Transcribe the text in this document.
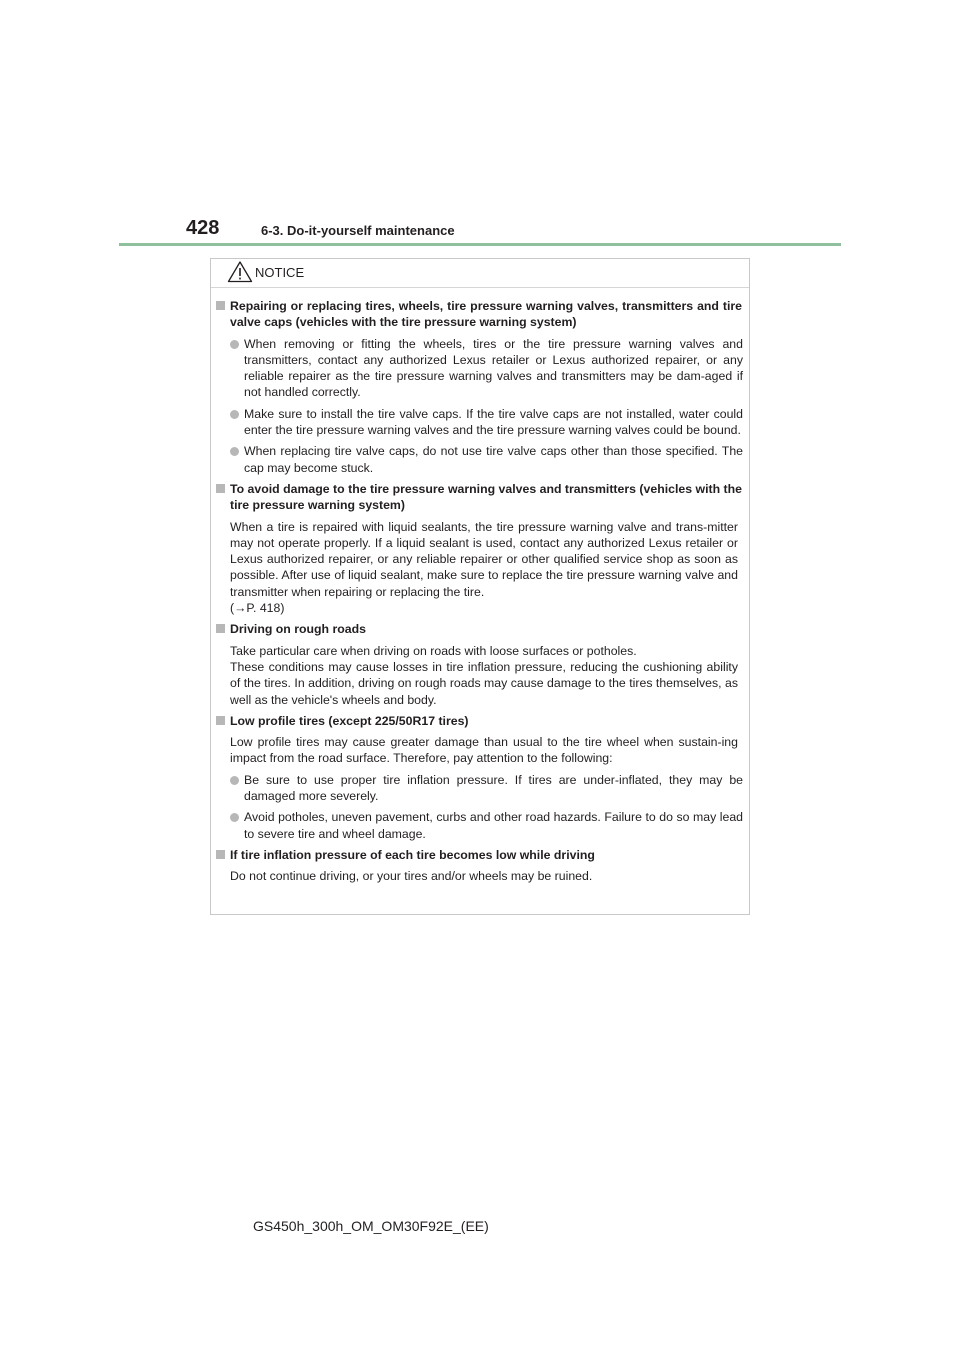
428	6-3. Do-it-yourself maintenance
NOTICE
Repairing or replacing tires, wheels, tire pressure warning valves, transmitters and tire valve caps (vehicles with the tire pressure warning system)
When removing or fitting the wheels, tires or the tire pressure warning valves and transmitters, contact any authorized Lexus retailer or Lexus authorized repairer, or any reliable repairer as the tire pressure warning valves and transmitters may be dam-aged if not handled correctly.
Make sure to install the tire valve caps. If the tire valve caps are not installed, water could enter the tire pressure warning valves and the tire pressure warning valves could be bound.
When replacing tire valve caps, do not use tire valve caps other than those specified. The cap may become stuck.
To avoid damage to the tire pressure warning valves and transmitters (vehicles with the tire pressure warning system)
When a tire is repaired with liquid sealants, the tire pressure warning valve and trans-mitter may not operate properly. If a liquid sealant is used, contact any authorized Lexus retailer or Lexus authorized repairer, or any reliable repairer or other qualified service shop as soon as possible. After use of liquid sealant, make sure to replace the tire pressure warning valve and transmitter when repairing or replacing the tire.
(→P. 418)
Driving on rough roads
Take particular care when driving on roads with loose surfaces or potholes.
These conditions may cause losses in tire inflation pressure, reducing the cushioning ability of the tires. In addition, driving on rough roads may cause damage to the tires themselves, as well as the vehicle's wheels and body.
Low profile tires (except 225/50R17 tires)
Low profile tires may cause greater damage than usual to the tire wheel when sustain-ing impact from the road surface. Therefore, pay attention to the following:
Be sure to use proper tire inflation pressure. If tires are under-inflated, they may be damaged more severely.
Avoid potholes, uneven pavement, curbs and other road hazards. Failure to do so may lead to severe tire and wheel damage.
If tire inflation pressure of each tire becomes low while driving
Do not continue driving, or your tires and/or wheels may be ruined.
GS450h_300h_OM_OM30F92E_(EE)
